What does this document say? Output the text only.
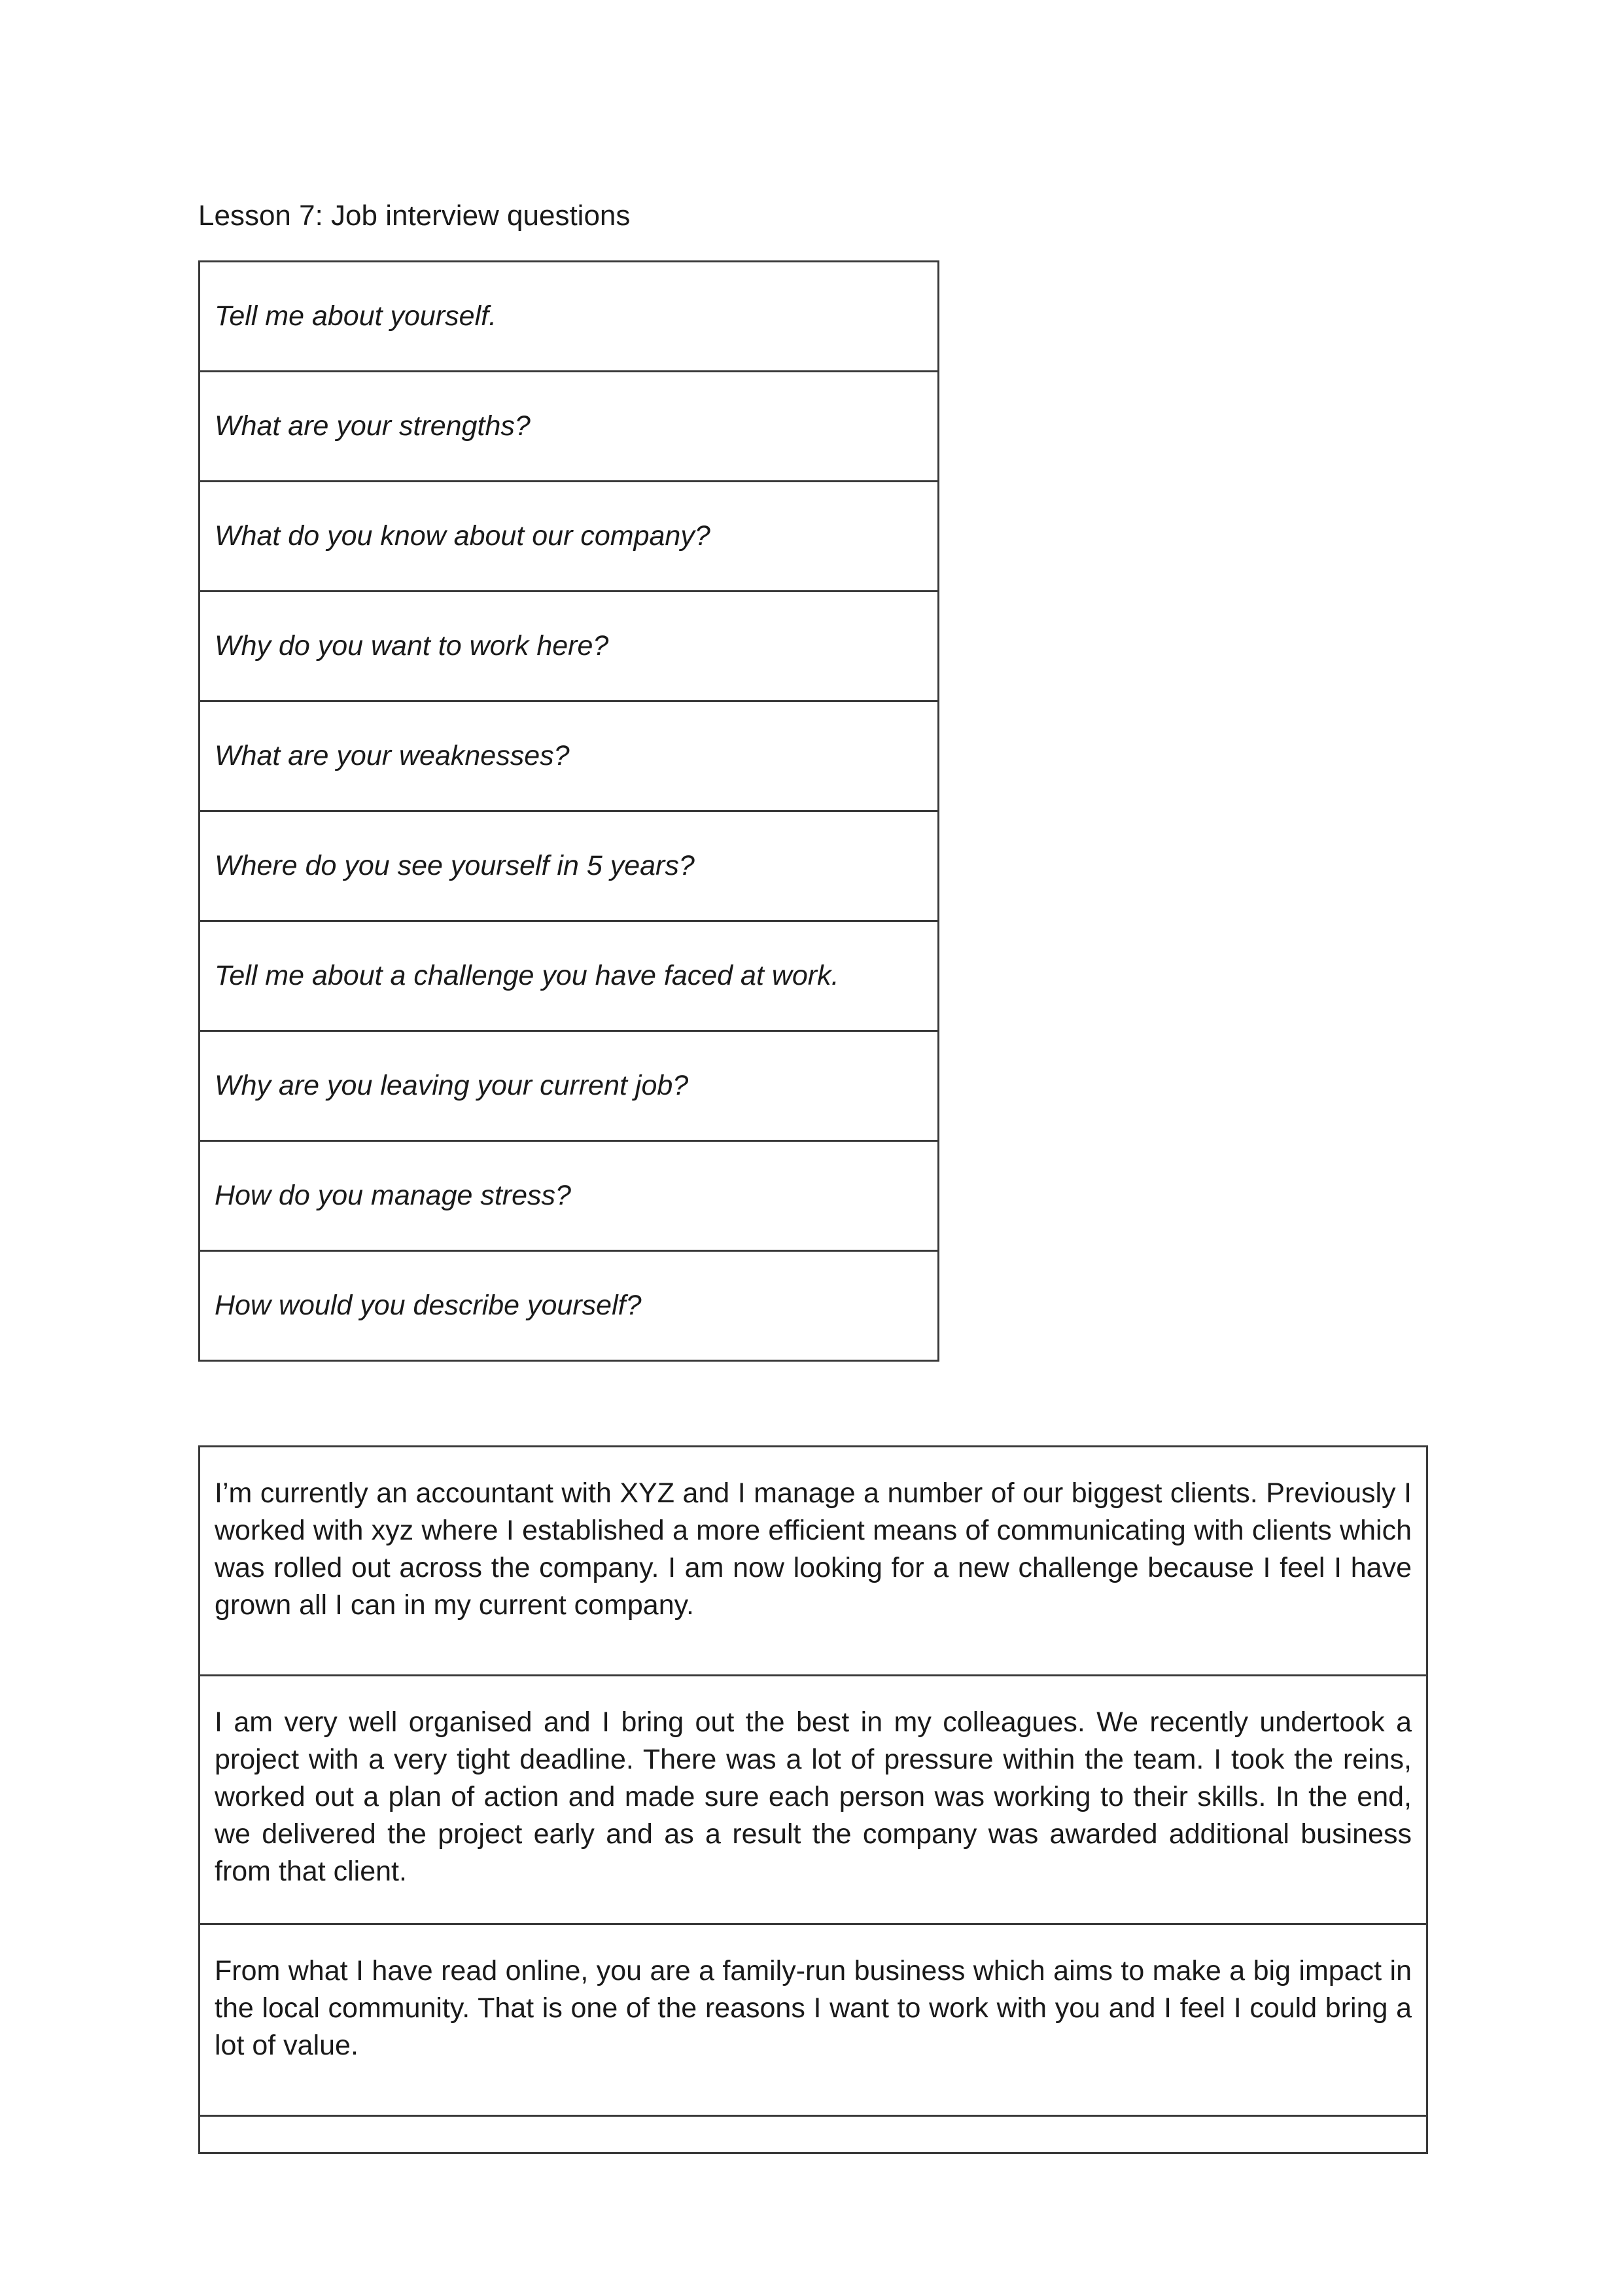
Lesson 7: Job interview questions
Tell me about yourself.
What are your strengths?
What do you know about our company?
Why do you want to work here?
What are your weaknesses?
Where do you see yourself in 5 years?
Tell me about a challenge you have faced at work.
Why are you leaving your current job?
How do you manage stress?
How would you describe yourself?
I’m currently an accountant with XYZ and I manage a number of our biggest clients. Previously I worked with xyz where I established a more efficient means of communicating with clients which was rolled out across the company. I am now looking for a new challenge because I feel I have grown all I can in my current company.
I am very well organised and I bring out the best in my colleagues. We recently undertook a project with a very tight deadline. There was a lot of pressure within the team. I took the reins, worked out a plan of action and made sure each person was working to their skills. In the end, we delivered the project early and as a result the company was awarded additional business from that client.
From what I have read online, you are a family-run business which aims to make a big impact in the local community. That is one of the reasons I want to work with you and I feel I could bring a lot of value.
